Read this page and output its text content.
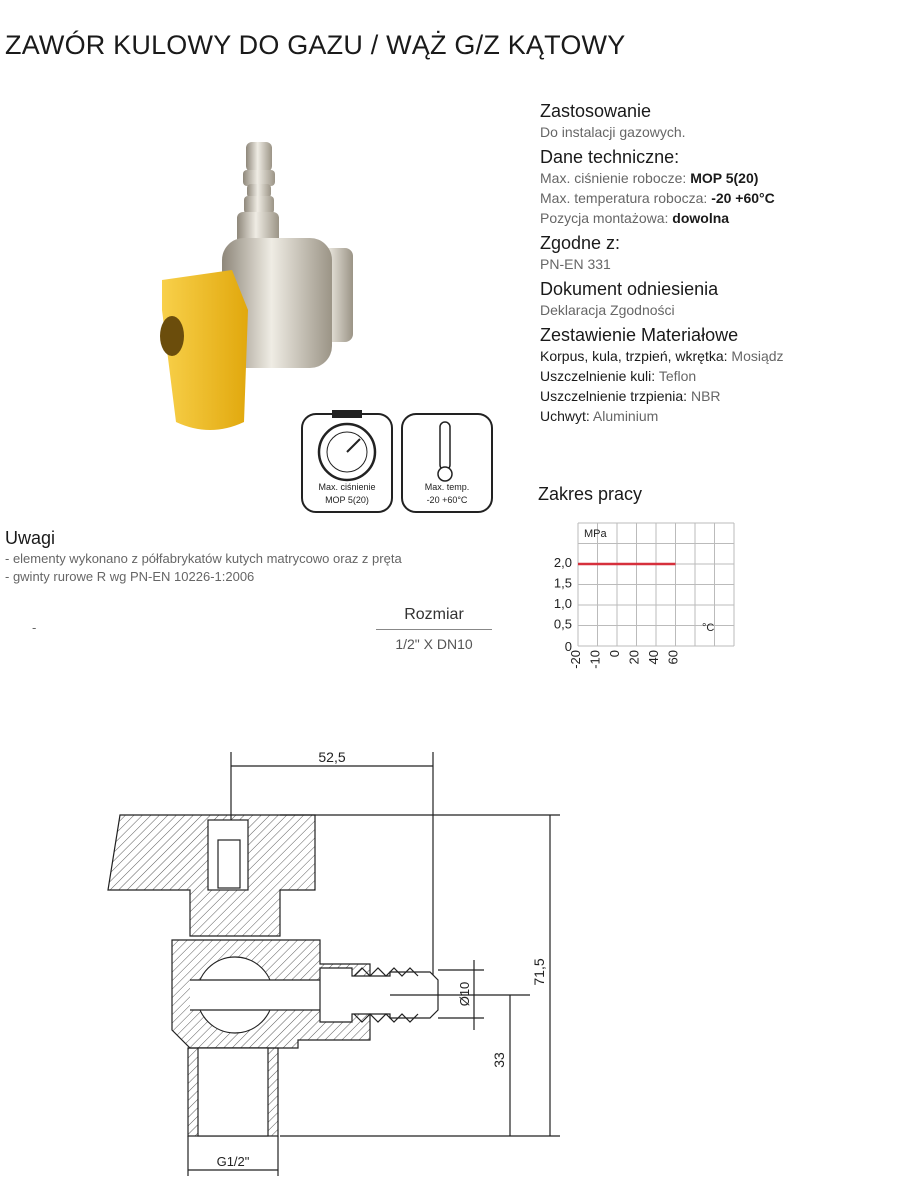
ZAWÓR KULOWY DO GAZU / WĄŻ G/Z KĄTOWY
Max. ciśnienie
MOP 5(20)
Max. temp.
-20 +60°C
Zastosowanie
Do instalacji gazowych.
Dane techniczne:
Max. ciśnienie robocze: MOP 5(20)
Max. temperatura robocza: -20 +60°C
Pozycja montażowa: dowolna
Zgodne z:
PN-EN 331
Dokument odniesienia
Deklaracja Zgodności
Zestawienie Materiałowe
Korpus, kula, trzpień, wkrętka: Mosiądz
Uszczelnienie kuli: Teflon
Uszczelnienie trzpienia: NBR
Uchwyt: Aluminium
Zakres pracy
MPa
°C
2,0
1,5
1,0
0,5
0
-20 -10 0 20 40 60
Uwagi
- elementy wykonano z półfabrykatów kutych matrycowo oraz z pręta
- gwinty rurowe R wg PN-EN 10226-1:2006
-
Rozmiar
1/2" X DN10
52,5
71,5
33
Ø10
G1/2"
